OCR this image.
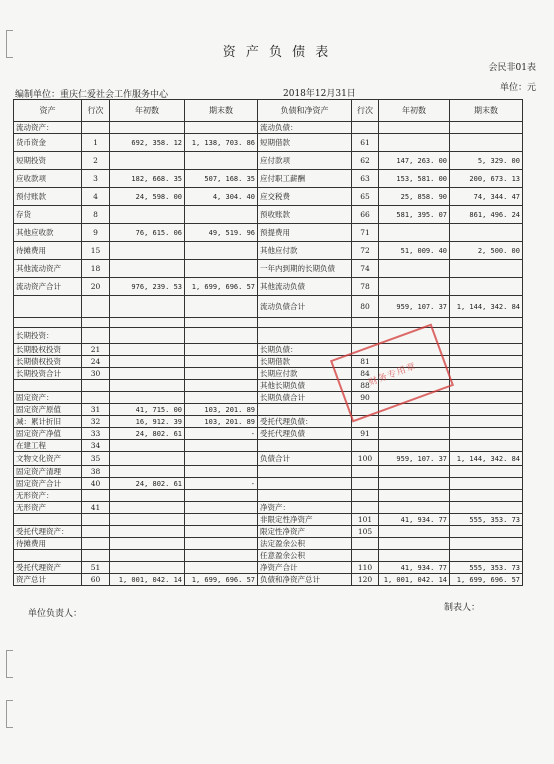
资 产 负 债 表
会民非01表
编制单位：重庆仁爱社会工作服务中心	2018年12月31日
单位：元
资产	行次	年初数	期末数	负债和净资产	行次	年初数	期末数
流动资产：				流动负债：			
货币资金	1	692, 358. 12	1, 138, 703. 86	短期借款	61		
短期投资	2			应付款项	62	147, 263. 00	5, 329. 00
应收款项	3	182, 668. 35	507, 168. 35	应付职工薪酬	63	153, 581. 00	200, 673. 13
预付账款	4	24, 598. 00	4, 304. 40	应交税费	65	25, 858. 90	74, 344. 47
存货	8			预收账款	66	581, 395. 07	861, 496. 24
其他应收款	9	76, 615. 06	49, 519. 96	预提费用	71		
待摊费用	15			其他应付款	72	51, 009. 40	2, 500. 00
其他流动资产	18			一年内到期的长期负债	74		
流动资产合计	20	976, 239. 53	1, 699, 696. 57	其他流动负债	78		
				流动负债合计	80	959, 107. 37	1, 144, 342. 84

长期投资：							
长期股权投资	21			长期负债：			
长期债权投资	24			长期借款	81		
长期投资合计	30			长期应付款	84		
				其他长期负债	88		
固定资产：				长期负债合计	90		
固定资产原值	31	41, 715. 00	103, 201. 89				
减：累计折旧	32	16, 912. 39	103, 201. 89	受托代理负债：			
固定资产净值	33	24, 802. 61	-	受托代理负债	91		
在建工程	34						
文物文化资产	35			负债合计	100	959, 107. 37	1, 144, 342. 84
固定资产清理	38						
固定资产合计	40	24, 802. 61	-				
无形资产：							
无形资产	41			净资产：			
				非限定性净资产	101	41, 934. 77	555, 353. 73
受托代理资产：				限定性净资产	105		
待摊费用				法定盈余公积			
				任意盈余公积			
受托代理资产	51			净资产合计	110	41, 934. 77	555, 353. 73
资产总计	60	1, 001, 042. 14	1, 699, 696. 57	负债和净资产总计	120	1, 001, 042. 14	1, 699, 696. 57
财务专用章
单位负责人：
制表人：
